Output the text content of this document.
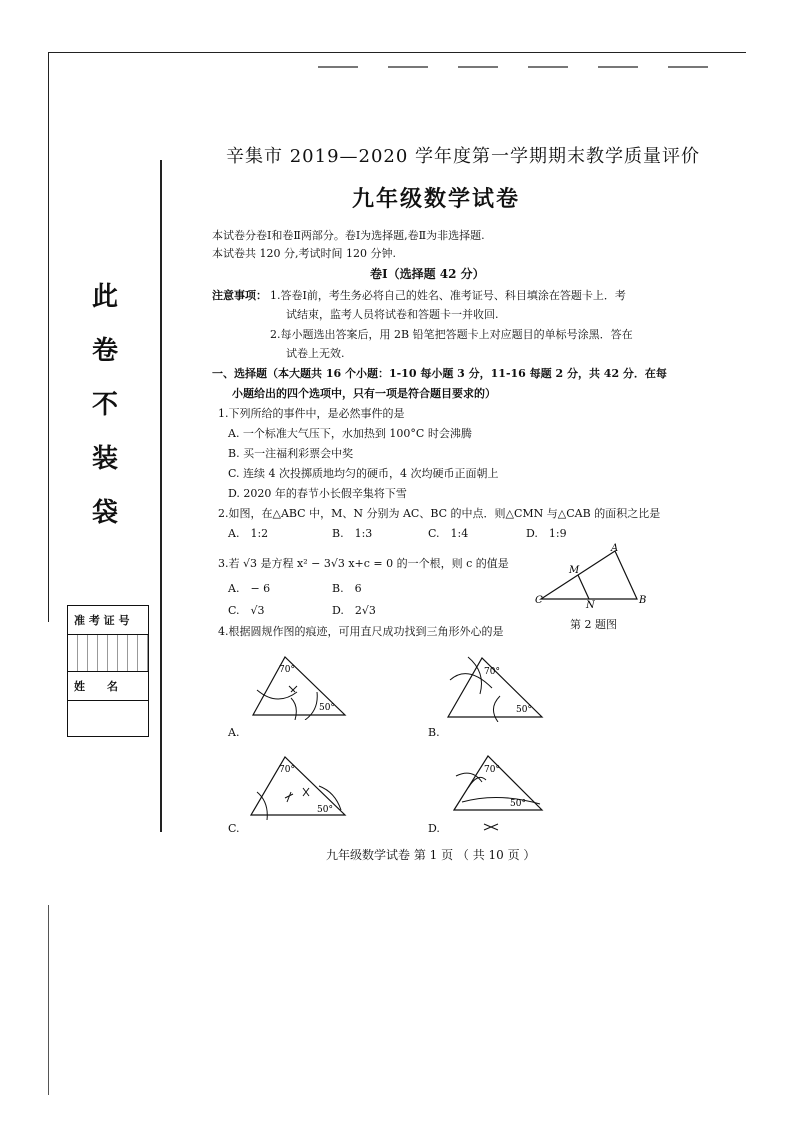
此
卷
不
装
袋
准 考 证 号
姓　　名
辛集市 2019—2020 学年度第一学期期末教学质量评价
九年级数学试卷
本试卷分卷Ⅰ和卷Ⅱ两部分。卷Ⅰ为选择题,卷Ⅱ为非选择题.
本试卷共 120 分,考试时间 120 分钟.
卷Ⅰ（选择题 42 分）
注意事项： 1.答卷Ⅰ前，考生务必将自己的姓名、准考证号、科目填涂在答题卡上．考
试结束，监考人员将试卷和答题卡一并收回.
2.每小题选出答案后，用 2B 铅笔把答题卡上对应题目的单标号涂黑．答在
试卷上无效.
一、选择题（本大题共 16 个小题：1-10 每小题 3 分，11-16 每题 2 分，共 42 分．在每
小题给出的四个选项中，只有一项是符合题目要求的）
1.下列所给的事件中，是必然事件的是
A. 一个标准大气压下，水加热到 100°C 时会沸腾
B. 买一注福利彩票会中奖
C. 连续 4 次投掷质地均匀的硬币，4 次均硬币正面朝上
D. 2020 年的春节小长假辛集将下雪
2.如图，在△ABC 中，M、N 分别为 AC、BC 的中点．则△CMN 与△CAB 的面积之比是
A.　1:2	B.　1:3	C.　1:4	D.　1:9
A
M
C	N	B
第 2 题图
3.若 √3 是方程 x² − 3√3 x+c = 0 的一个根，则 c 的值是
A.　− 6	B.　6
C.　√3	D.　2√3
4.根据圆规作图的痕迹，可用直尺成功找到三角形外心的是
70°
50°
A.
70°
50°
B.
70°
50°
C.
70°
50°
D.
九年级数学试卷 第 1 页 （ 共 10 页 ）
